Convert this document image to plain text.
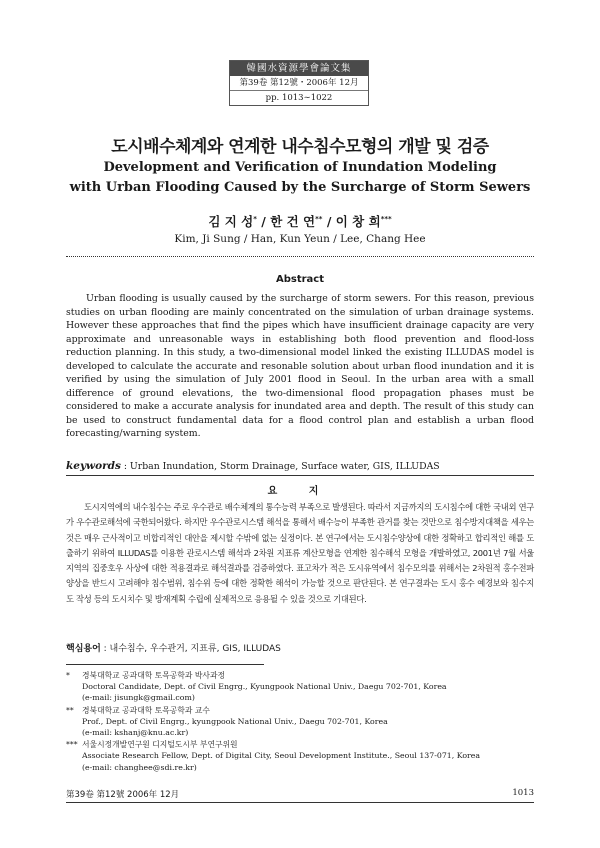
韓國水資源學會論文集
第39卷 第12號・2006年 12月
pp. 1013∼1022
도시배수체계와 연계한 내수침수모형의 개발 및 검증
Development and Verification of Inundation Modeling
with Urban Flooding Caused by the Surcharge of Storm Sewers
김 지 성* / 한 건 연** / 이 창 희***
Kim, Ji Sung / Han, Kun Yeun / Lee, Chang Hee
Abstract
Urban flooding is usually caused by the surcharge of storm sewers. For this reason, previous studies on urban flooding are mainly concentrated on the simulation of urban drainage systems. However these approaches that find the pipes which have insufficient drainage capacity are very approximate and unreasonable ways in establishing both flood prevention and flood-loss reduction planning. In this study, a two-dimensional model linked the existing ILLUDAS model is developed to calculate the accurate and resonable solution about urban flood inundation and it is verified by using the simulation of July 2001 flood in Seoul. In the urban area with a small difference of ground elevations, the two-dimensional flood propagation phases must be considered to make a accurate analysis for inundated area and depth. The result of this study can be used to construct fundamental data for a flood control plan and establish a urban flood forecasting/warning system.
keywords : Urban Inundation, Storm Drainage, Surface water, GIS, ILLUDAS
요 지
도시지역에의 내수침수는 주로 우수관로 배수체계의 통수능력 부족으로 발생된다. 따라서 지금까지의 도시침수에 대한 국내외 연구가 우수관로해석에 국한되어왔다. 하지만 우수관로시스템 해석을 통해서 배수능이 부족한 관거를 찾는 것만으로 침수방지대책을 세우는 것은 매우 근사적이고 비합리적인 대안을 제시할 수밖에 없는 실정이다. 본 연구에서는 도시침수양상에 대한 정확하고 합리적인 해를 도출하기 위하여 ILLUDAS를 이용한 관로시스템 해석과 2차원 지표류 계산모형을 연계한 침수해석 모형을 개발하였고, 2001년 7월 서울지역의 집중호우 사상에 대한 적용결과로 해석결과를 검증하였다. 표고차가 적은 도시유역에서 침수모의를 위해서는 2차원적 홍수전파양상을 반드시 고려해야 침수범위, 침수위 등에 대한 정확한 해석이 가능할 것으로 판단된다. 본 연구결과는 도시 홍수 예경보와 침수지도 작성 등의 도시치수 및 방재계획 수립에 실제적으로 응용될 수 있을 것으로 기대된다.
핵심용어 : 내수침수, 우수관거, 지표류, GIS, ILLUDAS
* 경북대학교 공과대학 토목공학과 박사과정
Doctoral Candidate, Dept. of Civil Engrg., Kyungpook National Univ., Daegu 702-701, Korea
(e-mail: jisungk@gmail.com)
** 경북대학교 공과대학 토목공학과 교수
Prof., Dept. of Civil Engrg., kyungpook National Univ., Daegu 702-701, Korea
(e-mail: kshanj@knu.ac.kr)
*** 서울시정개발연구원 디지털도시부 부연구위원
Associate Research Fellow, Dept. of Digital City, Seoul Development Institute., Seoul 137-071, Korea
(e-mail: changhee@sdi.re.kr)
第39卷 第12號 2006年 12月	1013
